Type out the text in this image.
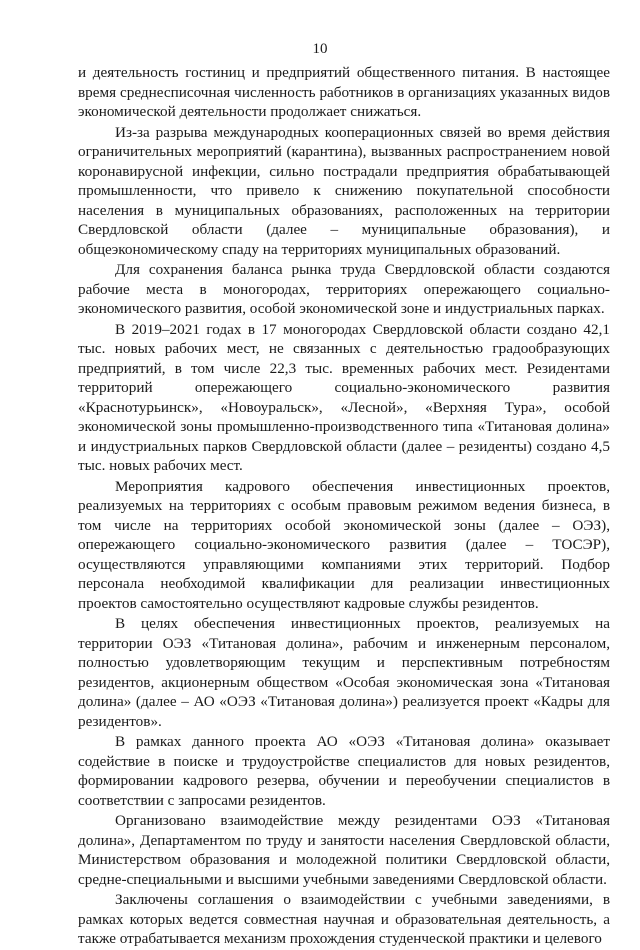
10

и деятельность гостиниц и предприятий общественного питания. В настоящее время среднесписочная численность работников в организациях указанных видов экономической деятельности продолжает снижаться.

Из-за разрыва международных кооперационных связей во время действия ограничительных мероприятий (карантина), вызванных распространением новой коронавирусной инфекции, сильно пострадали предприятия обрабатывающей промышленности, что привело к снижению покупательной способности населения в муниципальных образованиях, расположенных на территории Свердловской области (далее – муниципальные образования), и общеэкономическому спаду на территориях муниципальных образований.

Для сохранения баланса рынка труда Свердловской области создаются рабочие места в моногородах, территориях опережающего социально-экономического развития, особой экономической зоне и индустриальных парках.

В 2019–2021 годах в 17 моногородах Свердловской области создано 42,1 тыс. новых рабочих мест, не связанных с деятельностью градообразующих предприятий, в том числе 22,3 тыс. временных рабочих мест. Резидентами территорий опережающего социально-экономического развития «Краснотурьинск», «Новоуральск», «Лесной», «Верхняя Тура», особой экономической зоны промышленно-производственного типа «Титановая долина» и индустриальных парков Свердловской области (далее – резиденты) создано 4,5 тыс. новых рабочих мест.

Мероприятия кадрового обеспечения инвестиционных проектов, реализуемых на территориях с особым правовым режимом ведения бизнеса, в том числе на территориях особой экономической зоны (далее – ОЭЗ), опережающего социально-экономического развития (далее – ТОСЭР), осуществляются управляющими компаниями этих территорий. Подбор персонала необходимой квалификации для реализации инвестиционных проектов самостоятельно осуществляют кадровые службы резидентов.

В целях обеспечения инвестиционных проектов, реализуемых на территории ОЭЗ «Титановая долина», рабочим и инженерным персоналом, полностью удовлетворяющим текущим и перспективным потребностям резидентов, акционерным обществом «Особая экономическая зона «Титановая долина» (далее – АО «ОЭЗ «Титановая долина») реализуется проект «Кадры для резидентов».

В рамках данного проекта АО «ОЭЗ «Титановая долина» оказывает содействие в поиске и трудоустройстве специалистов для новых резидентов, формировании кадрового резерва, обучении и переобучении специалистов в соответствии с запросами резидентов.

Организовано взаимодействие между резидентами ОЭЗ «Титановая долина», Департаментом по труду и занятости населения Свердловской области, Министерством образования и молодежной политики Свердловской области, средне-специальными и высшими учебными заведениями Свердловской области.

Заключены соглашения о взаимодействии с учебными заведениями, в рамках которых ведется совместная научная и образовательная деятельность, а также отрабатывается механизм прохождения студенческой практики и целевого
